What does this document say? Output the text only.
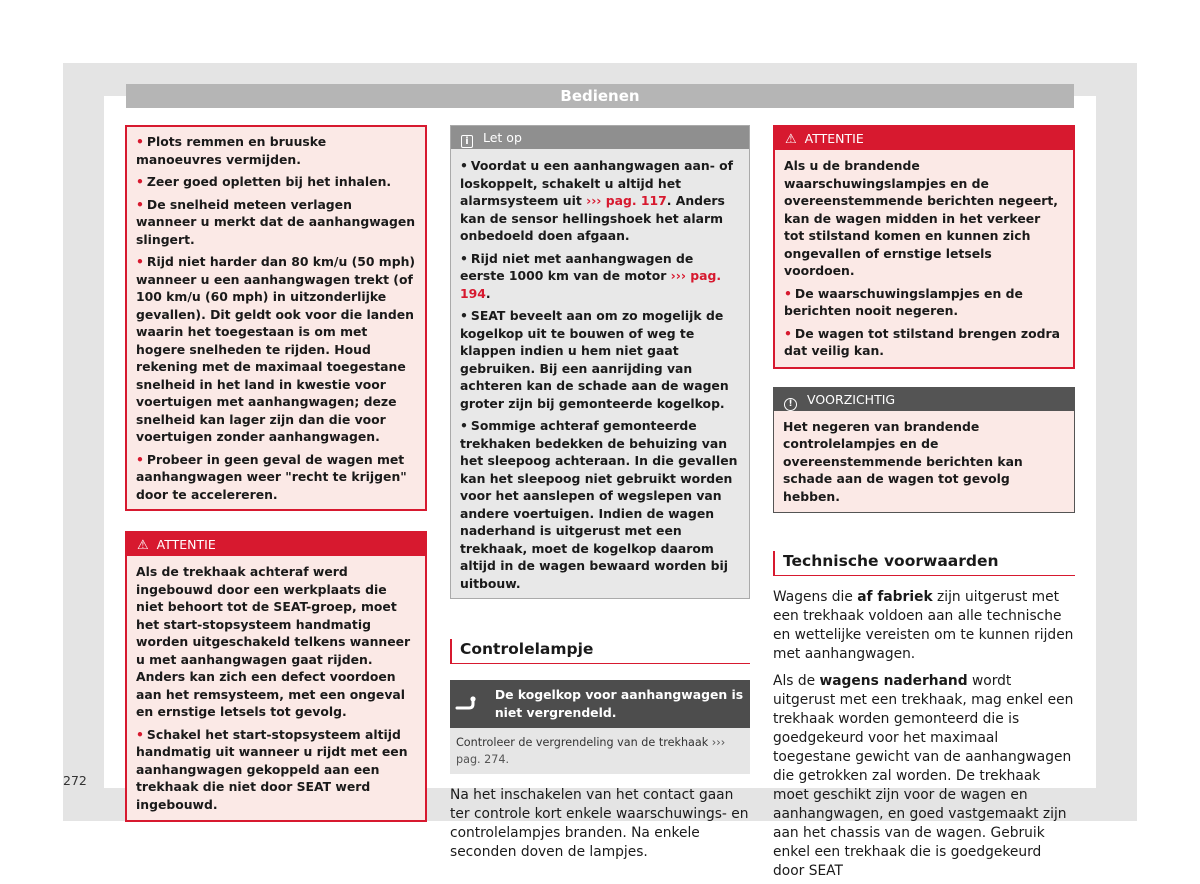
Bedienen

• Plots remmen en bruuske manoeuvres vermijden.

• Zeer goed opletten bij het inhalen.

• De snelheid meteen verlagen wanneer u merkt dat de aanhangwagen slingert.

• Rijd niet harder dan 80 km/u (50 mph) wanneer u een aanhangwagen trekt (of 100 km/u (60 mph) in uitzonderlijke gevallen). Dit geldt ook voor die landen waarin het toegestaan is om met hogere snelheden te rijden. Houd rekening met de maximaal toegestane snelheid in het land in kwestie voor voertuigen met aanhangwagen; deze snelheid kan lager zijn dan die voor voertuigen zonder aanhangwagen.

• Probeer in geen geval de wagen met aanhangwagen weer "recht te krijgen" door te accelereren.

⚠ ATTENTIE

Als de trekhaak achteraf werd ingebouwd door een werkplaats die niet behoort tot de SEAT-groep, moet het start-stopsysteem handmatig worden uitgeschakeld telkens wanneer u met aanhangwagen gaat rijden. Anders kan zich een defect voordoen aan het remsysteem, met een ongeval en ernstige letsels tot gevolg.

• Schakel het start-stopsysteem altijd handmatig uit wanneer u rijdt met een aanhangwagen gekoppeld aan een trekhaak die niet door SEAT werd ingebouwd.

i Let op

• Voordat u een aanhangwagen aan- of loskoppelt, schakelt u altijd het alarmsysteem uit ››› pag. 117. Anders kan de sensor hellingshoek het alarm onbedoeld doen afgaan.

• Rijd niet met aanhangwagen de eerste 1000 km van de motor ››› pag. 194.

• SEAT beveelt aan om zo mogelijk de kogelkop uit te bouwen of weg te klappen indien u hem niet gaat gebruiken. Bij een aanrijding van achteren kan de schade aan de wagen groter zijn bij gemonteerde kogelkop.

• Sommige achteraf gemonteerde trekhaken bedekken de behuizing van het sleepoog achteraan. In die gevallen kan het sleepoog niet gebruikt worden voor het aanslepen of wegslepen van andere voertuigen. Indien de wagen naderhand is uitgerust met een trekhaak, moet de kogelkop daarom altijd in de wagen bewaard worden bij uitbouw.

Controlelampje
De kogelkop voor aanhangwagen is niet vergrendeld.
Controleer de vergrendeling van de trekhaak ››› pag. 274.
Na het inschakelen van het contact gaan ter controle kort enkele waarschuwings- en controlelampjes branden. Na enkele seconden doven de lampjes.
⚠ ATTENTIE

Als u de brandende waarschuwingslampjes en de overeenstemmende berichten negeert, kan de wagen midden in het verkeer tot stilstand komen en kunnen zich ongevallen of ernstige letsels voordoen.

• De waarschuwingslampjes en de berichten nooit negeren.

• De wagen tot stilstand brengen zodra dat veilig kan.

! VOORZICHTIG

Het negeren van brandende controlelampjes en de overeenstemmende berichten kan schade aan de wagen tot gevolg hebben.

Technische voorwaarden

Wagens die af fabriek zijn uitgerust met een trekhaak voldoen aan alle technische en wettelijke vereisten om te kunnen rijden met aanhangwagen.

Als de wagens naderhand wordt uitgerust met een trekhaak, mag enkel een trekhaak worden gemonteerd die is goedgekeurd voor het maximaal toegestane gewicht van de aanhangwagen die getrokken zal worden. De trekhaak moet geschikt zijn voor de wagen en aanhangwagen, en goed vastgemaakt zijn aan het chassis van de wagen. Gebruik enkel een trekhaak die is goedgekeurd door SEAT

272
